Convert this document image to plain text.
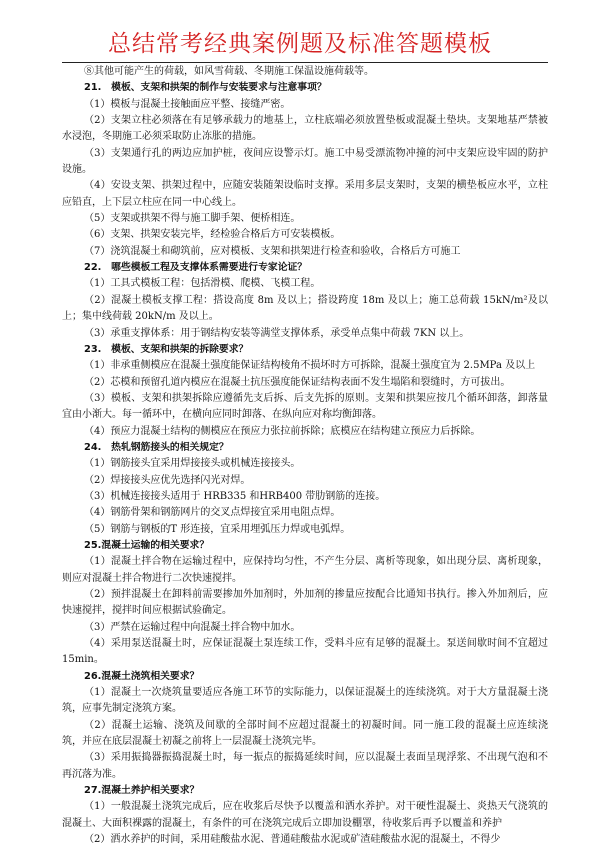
总结常考经典案例题及标准答题模板
⑧其他可能产生的荷载，如风雪荷载、冬期施工保温设施荷载等。
21.　模板、支架和拱架的制作与安装要求与注意事项？
（1）模板与混凝土接触面应平整、接缝严密。
（2）支架立柱必须落在有足够承载力的地基上，立柱底端必须放置垫板或混凝土垫块。支架地基严禁被水浸泡，冬期施工必须采取防止冻胀的措施。
（3）支架通行孔的两边应加护桩，夜间应设警示灯。施工中易受漂流物冲撞的河中支架应设牢固的防护设施。
（4）安设支架、拱架过程中，应随安装随架设临时支撑。采用多层支架时，支架的横垫板应水平，立柱应铅直，上下层立柱应在同一中心线上。
（5）支架或拱架不得与施工脚手架、便桥相连。
（6）支架、拱架安装完毕，经检验合格后方可安装模板。
（7）浇筑混凝土和砌筑前，应对模板、支架和拱架进行检查和验收，合格后方可施工
22.　哪些模板工程及支撑体系需要进行专家论证？
（1）工具式模板工程：包括滑模、爬模、飞模工程。
（2）混凝土模板支撑工程：搭设高度 8m 及以上；搭设跨度 18m 及以上；施工总荷载 15kN/m²及以上；集中线荷载 20kN/m 及以上。
（3）承重支撑体系：用于钢结构安装等满堂支撑体系，承受单点集中荷载 7KN 以上。
23.　模板、支架和拱架的拆除要求？
（1）非承重侧模应在混凝土强度能保证结构棱角不损坏时方可拆除，混凝土强度宜为 2.5MPa 及以上
（2）芯模和预留孔道内模应在混凝土抗压强度能保证结构表面不发生塌陷和裂缝时，方可拔出。
（3）模板、支架和拱架拆除应遵循先支后拆、后支先拆的原则。支架和拱架应按几个循环卸落，卸落量宜由小渐大。每一循环中，在横向应同时卸落、在纵向应对称均衡卸落。
（4）预应力混凝土结构的侧模应在预应力张拉前拆除；底模应在结构建立预应力后拆除。
24.　热轧钢筋接头的相关规定？
（1）钢筋接头宜采用焊接接头或机械连接接头。
（2）焊接接头应优先选择闪光对焊。
（3）机械连接接头适用于 HRB335 和HRB400 带肋钢筋的连接。
（4）钢筋骨架和钢筋网片的交叉点焊接宜采用电阻点焊。
（5）钢筋与钢板的T 形连接，宜采用埋弧压力焊或电弧焊。
25.混凝土运输的相关要求？
（1）混凝土拌合物在运输过程中，应保持均匀性，不产生分层、离析等现象，如出现分层、离析现象，则应对混凝土拌合物进行二次快速搅拌。
（2）预拌混凝土在卸料前需要掺加外加剂时，外加剂的掺量应按配合比通知书执行。掺入外加剂后，应快速搅拌，搅拌时间应根据试验确定。
（3）严禁在运输过程中向混凝土拌合物中加水。
（4）采用泵送混凝土时，应保证混凝土泵连续工作，受料斗应有足够的混凝土。泵送间歇时间不宜超过 15min。
26.混凝土浇筑相关要求？
（1）混凝土一次烧筑量要适应各施工环节的实际能力，以保证混凝土的连续浇筑。对于大方量混凝土浇筑，应事先制定浇筑方案。
（2）混凝土运输、浇筑及间歇的全部时间不应超过混凝土的初凝时间。同一施工段的混凝土应连续浇筑，并应在底层混凝土初凝之前将上一层混凝土浇筑完毕。
（3）采用振捣器振捣混凝土时，每一振点的振捣延续时间，应以混凝土表面呈现浮浆、不出现气泡和不再沉落为准。
27.混凝土养护相关要求？
（1）一般混凝土浇筑完成后，应在收浆后尽快予以覆盖和洒水养护。对干硬性混凝土、炎热天气浇筑的混凝土、大面积裸露的混凝土，有条件的可在浇筑完成后立即加设棚罩，待收浆后再予以覆盖和养护
（2）洒水养护的时间，采用硅酸盐水泥、普通硅酸盐水泥或矿渣硅酸盐水泥的混凝土，不得少
